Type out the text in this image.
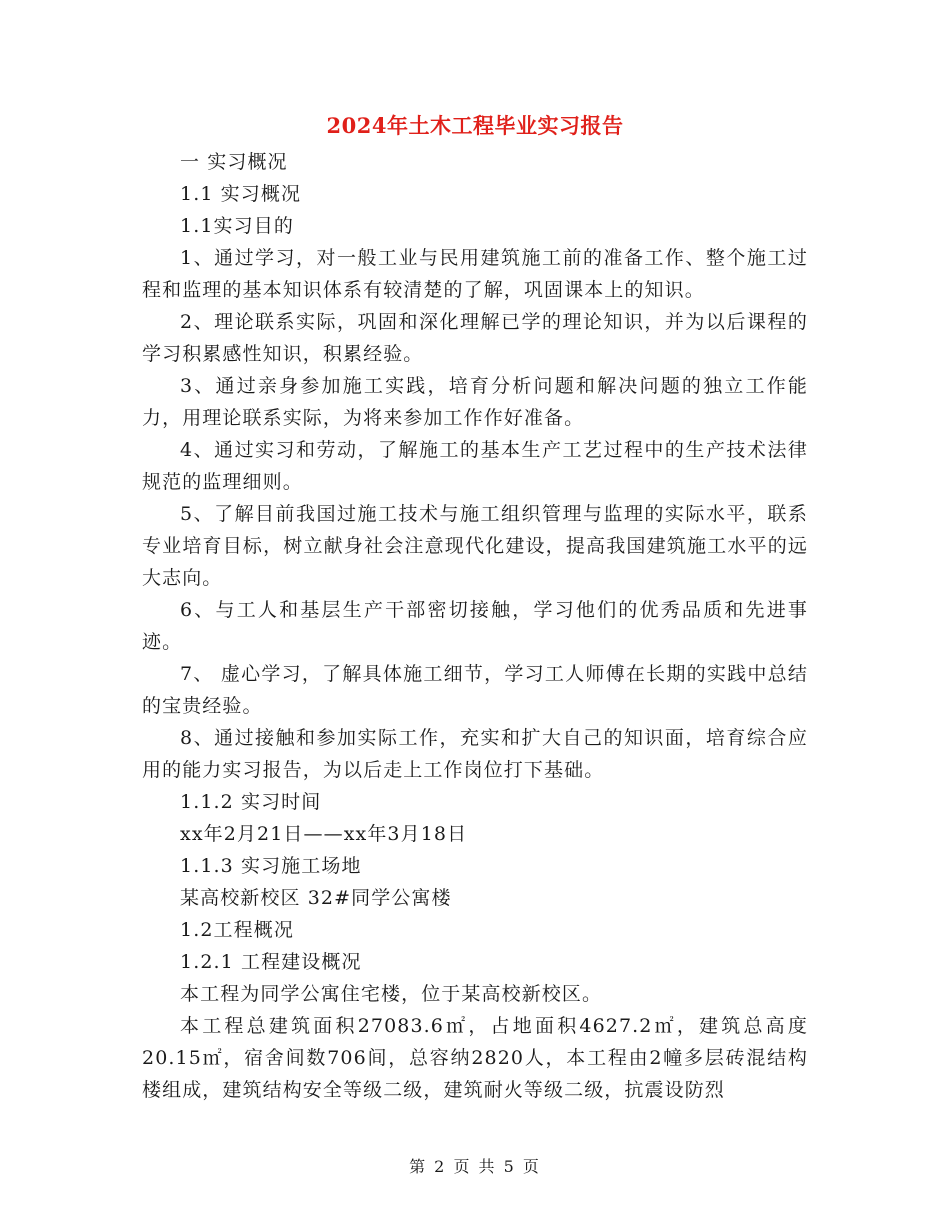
2024年土木工程毕业实习报告

一 实习概况

1.1 实习概况

1.1实习目的

1、通过学习，对一般工业与民用建筑施工前的准备工作、整个施工过程和监理的基本知识体系有较清楚的了解，巩固课本上的知识。

2、理论联系实际，巩固和深化理解已学的理论知识，并为以后课程的学习积累感性知识，积累经验。

3、通过亲身参加施工实践，培育分析问题和解决问题的独立工作能力，用理论联系实际，为将来参加工作作好准备。

4、通过实习和劳动，了解施工的基本生产工艺过程中的生产技术法律规范的监理细则。

5、了解目前我国过施工技术与施工组织管理与监理的实际水平，联系专业培育目标，树立献身社会注意现代化建设，提高我国建筑施工水平的远大志向。

6、与工人和基层生产干部密切接触，学习他们的优秀品质和先进事迹。

7、 虚心学习，了解具体施工细节，学习工人师傅在长期的实践中总结的宝贵经验。

8、通过接触和参加实际工作，充实和扩大自己的知识面，培育综合应用的能力实习报告，为以后走上工作岗位打下基础。

1.1.2 实习时间

xx年2月21日——xx年3月18日

1.1.3 实习施工场地

某高校新校区 32#同学公寓楼

1.2工程概况

1.2.1 工程建设概况

本工程为同学公寓住宅楼，位于某高校新校区。

本工程总建筑面积27083.6㎡，占地面积4627.2㎡，建筑总高度20.15㎡，宿舍间数706间，总容纳2820人，本工程由2幢多层砖混结构楼组成，建筑结构安全等级二级，建筑耐火等级二级，抗震设防烈

第 2 页 共 5 页
